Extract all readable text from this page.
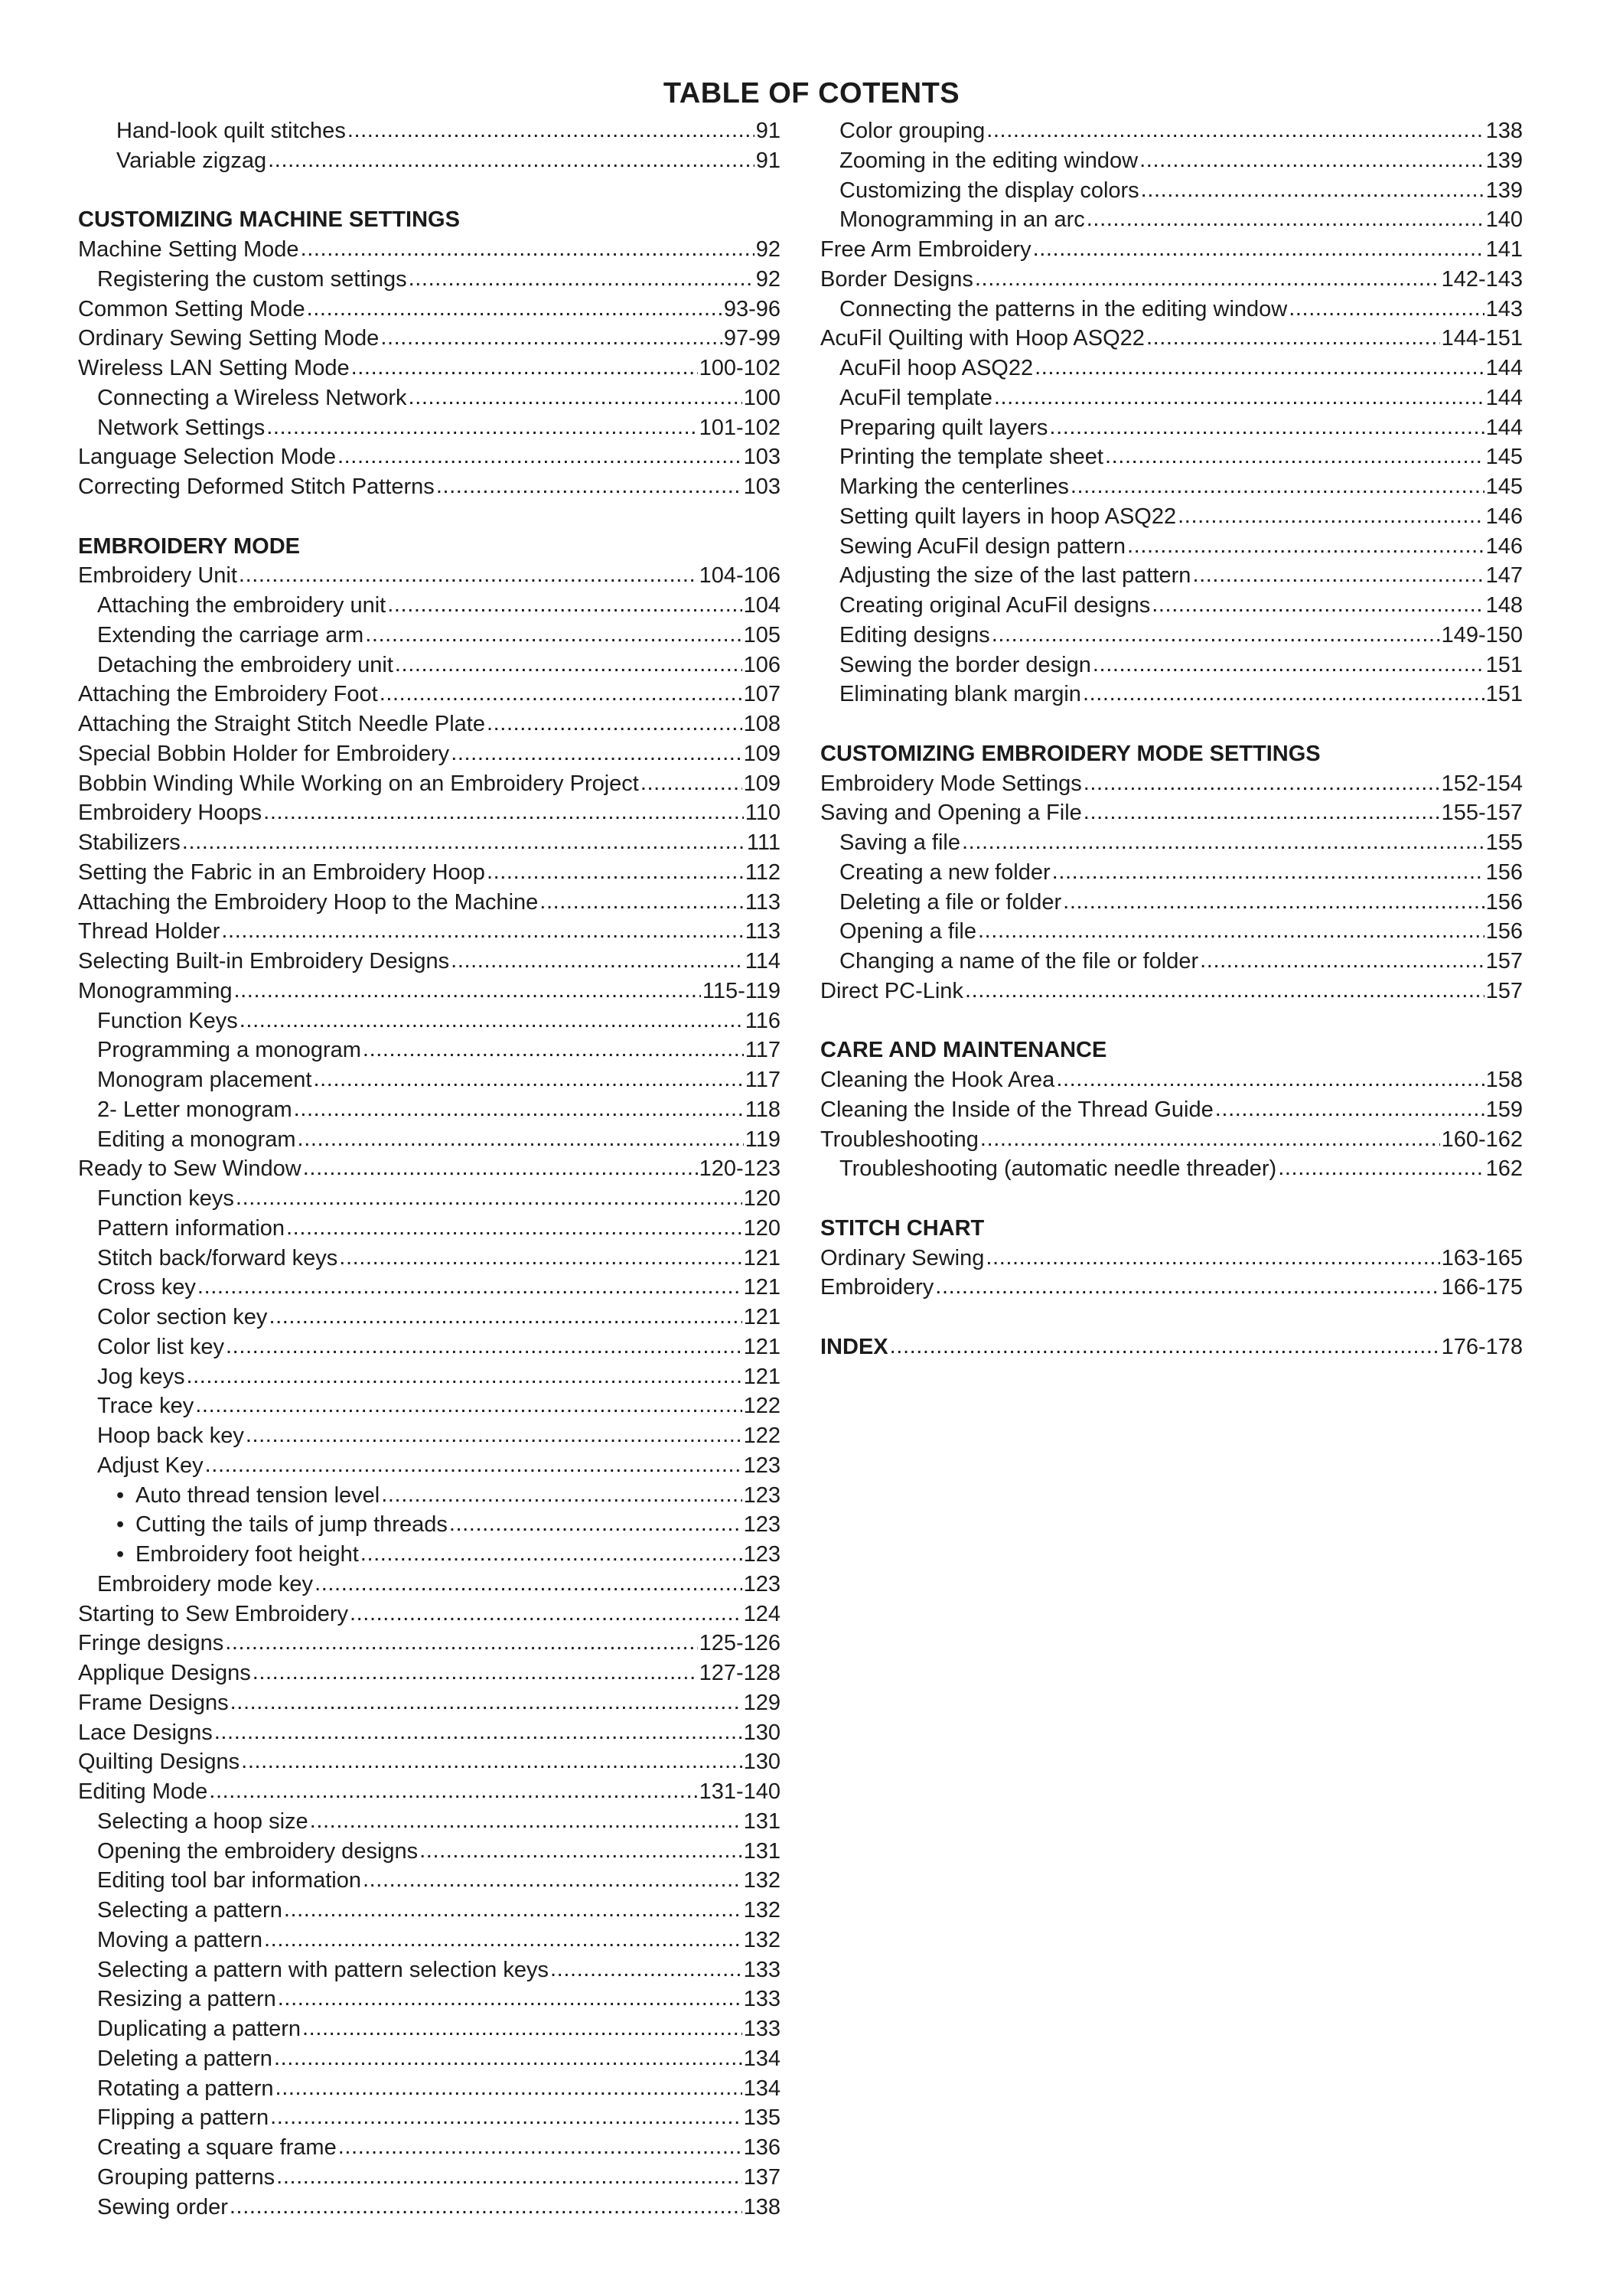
TABLE OF COTENTS
Hand-look quilt stitches .....	91
Variable zigzag .....	91
CUSTOMIZING MACHINE SETTINGS
Machine Setting Mode .....	92
Registering the custom settings .....	92
Common Setting Mode .....	93-96
Ordinary Sewing Setting Mode .....	97-99
Wireless LAN Setting Mode .....	100-102
Connecting a Wireless Network .....	100
Network Settings .....	101-102
Language Selection Mode .....	103
Correcting Deformed Stitch Patterns .....	103
EMBROIDERY MODE
Embroidery Unit .....	104-106
Attaching the embroidery unit .....	104
Extending the carriage arm .....	105
Detaching the embroidery unit .....	106
Attaching the Embroidery Foot .....	107
Attaching the Straight Stitch Needle Plate .....	108
Special Bobbin Holder for Embroidery .....	109
Bobbin Winding While Working on an Embroidery Project .....	109
Embroidery Hoops .....	110
Stabilizers .....	111
Setting the Fabric in an Embroidery Hoop .....	112
Attaching the Embroidery Hoop to the Machine .....	113
Thread Holder .....	113
Selecting Built-in Embroidery Designs .....	114
Monogramming .....	115-119
Function Keys .....	116
Programming a monogram .....	117
Monogram placement .....	117
2- Letter monogram .....	118
Editing a monogram .....	119
Ready to Sew Window .....	120-123
Function keys .....	120
Pattern information .....	120
Stitch back/forward keys .....	121
Cross key .....	121
Color section key .....	121
Color list key .....	121
Jog keys .....	121
Trace key .....	122
Hoop back key .....	122
Adjust Key .....	123
• Auto thread tension level .....	123
• Cutting the tails of jump threads .....	123
• Embroidery foot height .....	123
Embroidery mode key .....	123
Starting to Sew Embroidery .....	124
Fringe designs .....	125-126
Applique Designs .....	127-128
Frame Designs .....	129
Lace Designs .....	130
Quilting Designs .....	130
Editing Mode .....	131-140
Selecting a hoop size .....	131
Opening the embroidery designs .....	131
Editing tool bar information .....	132
Selecting a pattern .....	132
Moving a pattern .....	132
Selecting a pattern with pattern selection keys .....	133
Resizing a pattern .....	133
Duplicating a pattern .....	133
Deleting a pattern .....	134
Rotating a pattern .....	134
Flipping a pattern .....	135
Creating a square frame .....	136
Grouping patterns .....	137
Sewing order .....	138
Color grouping .....	138
Zooming in the editing window .....	139
Customizing the display colors .....	139
Monogramming in an arc .....	140
Free Arm Embroidery .....	141
Border Designs .....	142-143
Connecting the patterns in the editing window .....	143
AcuFil Quilting with Hoop ASQ22 .....	144-151
AcuFil hoop ASQ22 .....	144
AcuFil template .....	144
Preparing quilt layers .....	144
Printing the template sheet .....	145
Marking the centerlines .....	145
Setting quilt layers in hoop ASQ22 .....	146
Sewing AcuFil design pattern .....	146
Adjusting the size of the last pattern .....	147
Creating original AcuFil designs .....	148
Editing designs .....	149-150
Sewing the border design .....	151
Eliminating blank margin .....	151
CUSTOMIZING EMBROIDERY MODE SETTINGS
Embroidery Mode Settings .....	152-154
Saving and Opening a File .....	155-157
Saving a file .....	155
Creating a new folder .....	156
Deleting a file or folder .....	156
Opening a file .....	156
Changing a name of the file or folder .....	157
Direct PC-Link .....	157
CARE AND MAINTENANCE
Cleaning the Hook Area .....	158
Cleaning the Inside of the Thread Guide .....	159
Troubleshooting .....	160-162
Troubleshooting (automatic needle threader) .....	162
STITCH CHART
Ordinary Sewing .....	163-165
Embroidery .....	166-175
INDEX .....	176-178
